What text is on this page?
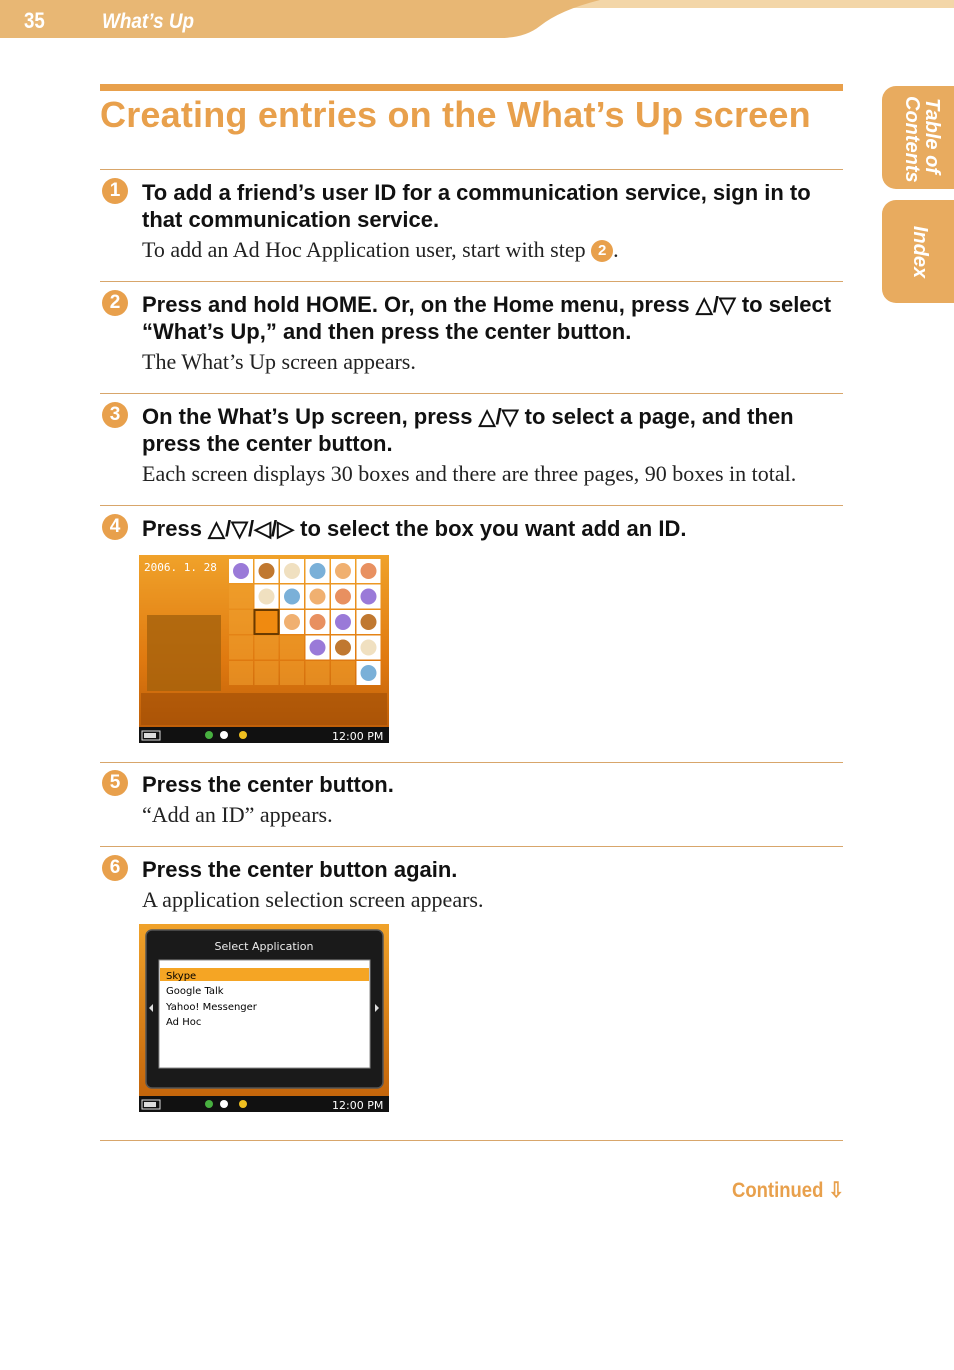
35	What’s Up
Table of
Contents
Index
Creating entries on the What’s Up screen
1 To add a friend’s user ID for a communication service, sign in to that communication service.
To add an Ad Hoc Application user, start with step 2 .
2 Press and hold HOME. Or, on the Home menu, press △/▽ to select “What’s Up,” and then press the center button.
The What’s Up screen appears.
3 On the What’s Up screen, press △/▽ to select a page, and then press the center button.
Each screen displays 30 boxes and there are three pages, 90 boxes in total.
4 Press △/▽/◁/▷ to select the box you want add an ID.
2006. 1. 28
12:00 PM
5 Press the center button.
“Add an ID” appears.
6 Press the center button again.
A application selection screen appears.
Select Application
Skype
Google Talk
Yahoo! Messenger
Ad Hoc
12:00 PM
Continued ⇩
